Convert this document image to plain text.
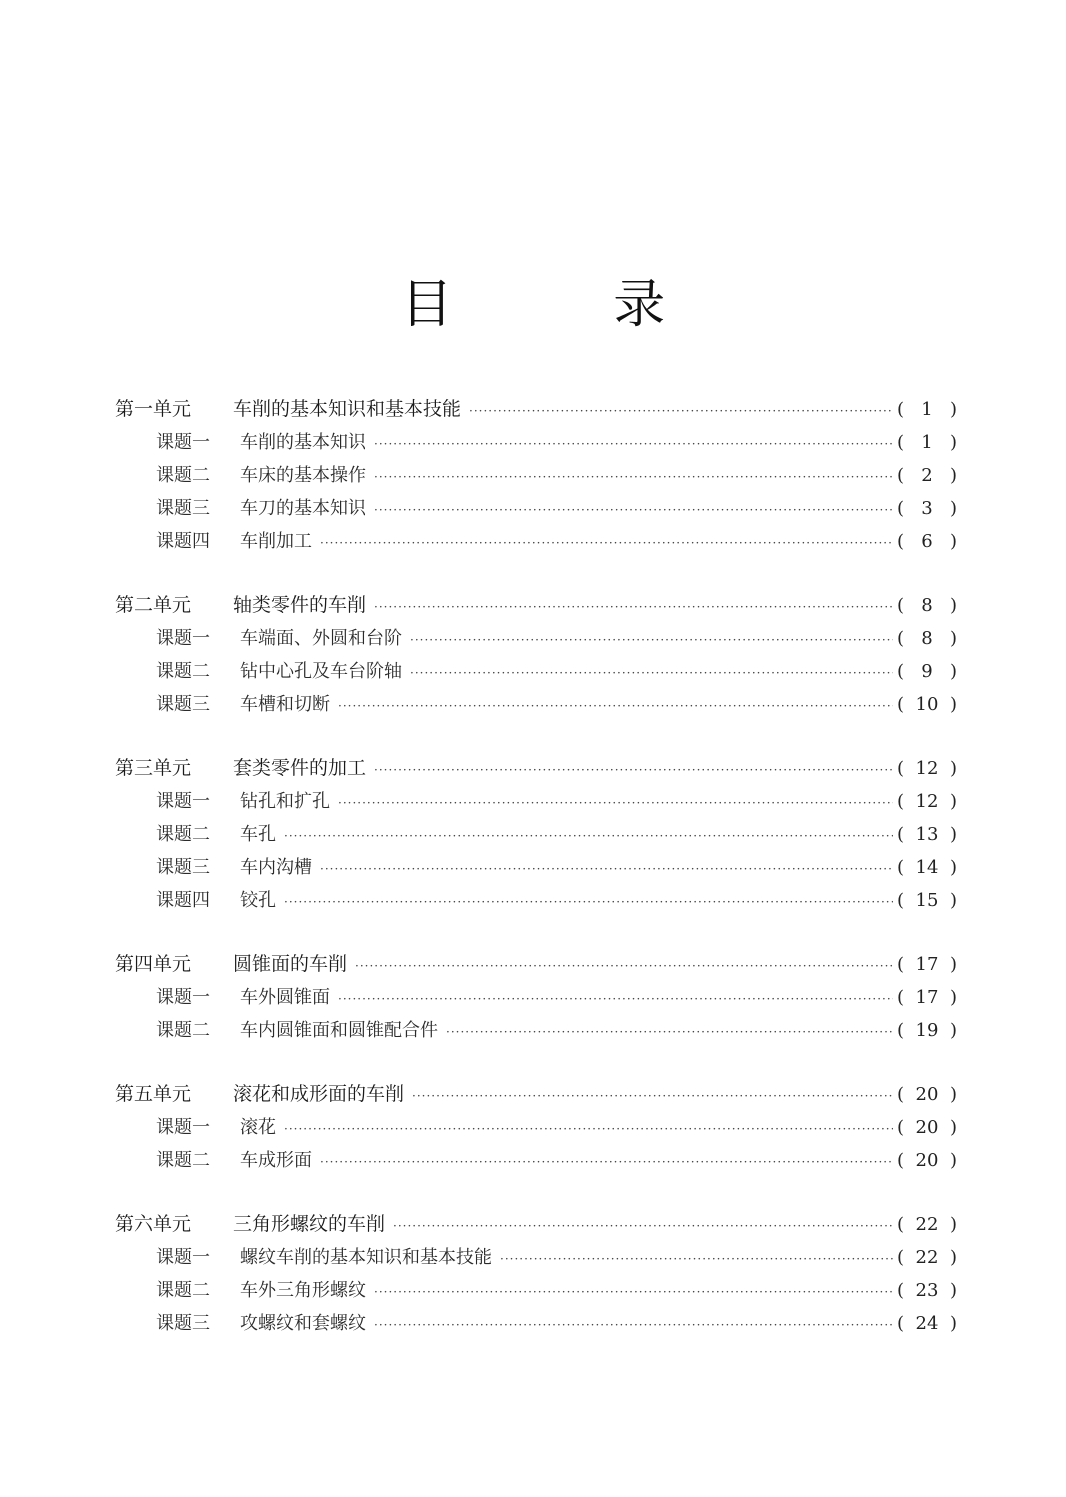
目 录
第一单元	车削的基本知识和基本技能 ·····	( 1 )
课题一	车削的基本知识 ·····	( 1 )
课题二	车床的基本操作 ·····	( 2 )
课题三	车刀的基本知识 ·····	( 3 )
课题四	车削加工 ·····	( 6 )
第二单元	轴类零件的车削 ·····	( 8 )
课题一	车端面、外圆和台阶 ·····	( 8 )
课题二	钻中心孔及车台阶轴 ·····	( 9 )
课题三	车槽和切断 ·····	( 10 )
第三单元	套类零件的加工 ·····	( 12 )
课题一	钻孔和扩孔 ·····	( 12 )
课题二	车孔 ·····	( 13 )
课题三	车内沟槽 ·····	( 14 )
课题四	铰孔 ·····	( 15 )
第四单元	圆锥面的车削 ·····	( 17 )
课题一	车外圆锥面 ·····	( 17 )
课题二	车内圆锥面和圆锥配合件 ·····	( 19 )
第五单元	滚花和成形面的车削 ·····	( 20 )
课题一	滚花 ·····	( 20 )
课题二	车成形面 ·····	( 20 )
第六单元	三角形螺纹的车削 ·····	( 22 )
课题一	螺纹车削的基本知识和基本技能 ·····	( 22 )
课题二	车外三角形螺纹 ·····	( 23 )
课题三	攻螺纹和套螺纹 ·····	( 24 )
